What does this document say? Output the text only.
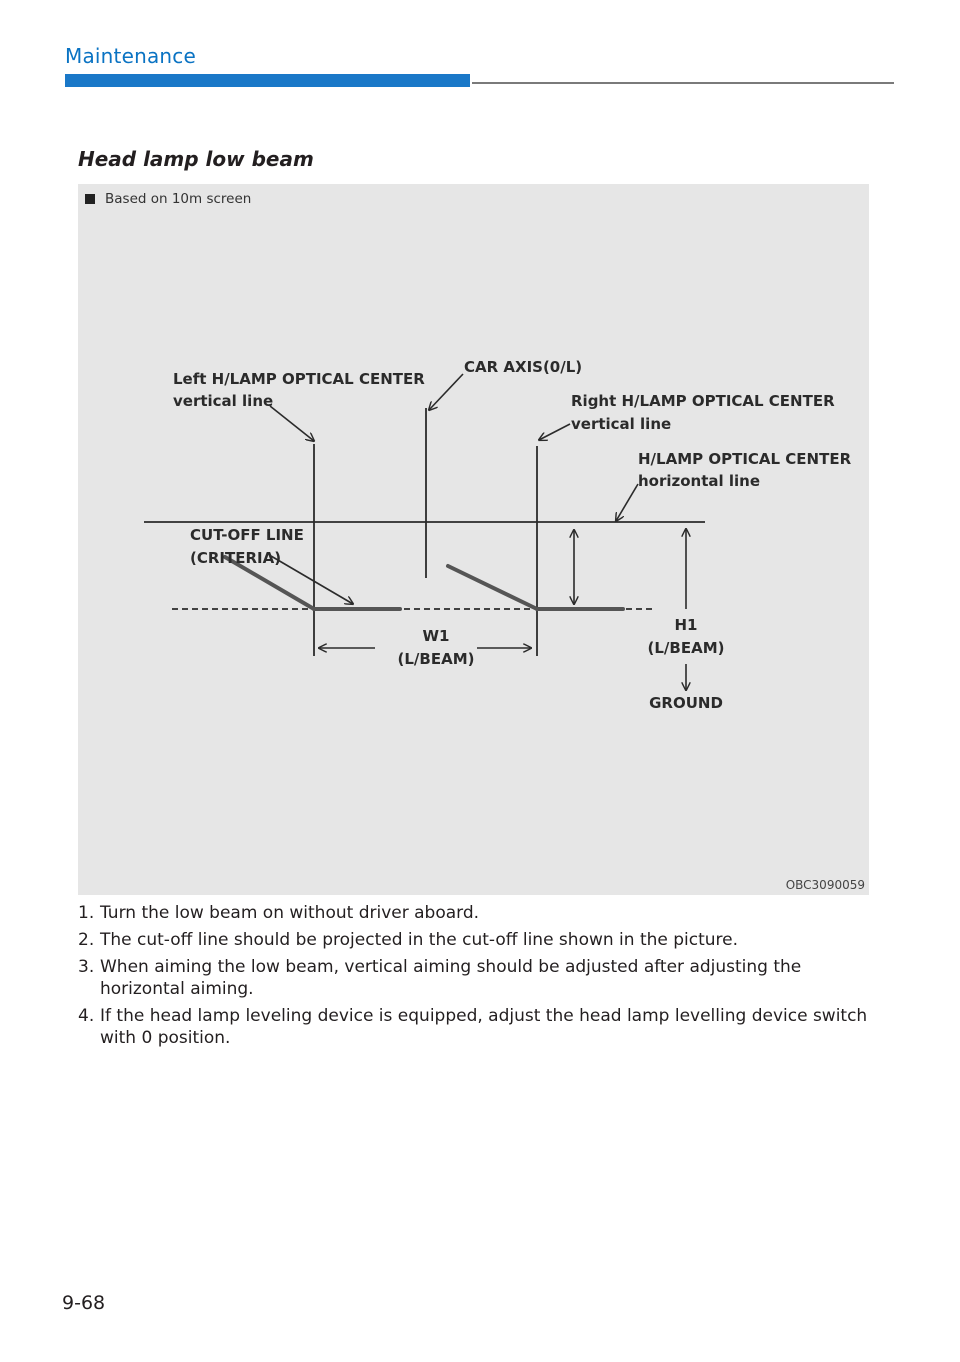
Maintenance
Head lamp low beam
Based on 10m screen
Left H/LAMP OPTICAL CENTER
vertical line
CAR AXIS(0/L)
Right H/LAMP OPTICAL CENTER
vertical line
H/LAMP OPTICAL CENTER
horizontal line
CUT-OFF LINE
(CRITERIA)
W1
(L/BEAM)
H1
(L/BEAM)
GROUND
OBC3090059
1. Turn the low beam on without driver aboard.
2. The cut-off line should be projected in the cut-off line shown in the picture.
3. When aiming the low beam, vertical aiming should be adjusted after adjusting the horizontal aiming.
4. If the head lamp leveling device is equipped, adjust the head lamp levelling device switch with 0 position.
9-68
